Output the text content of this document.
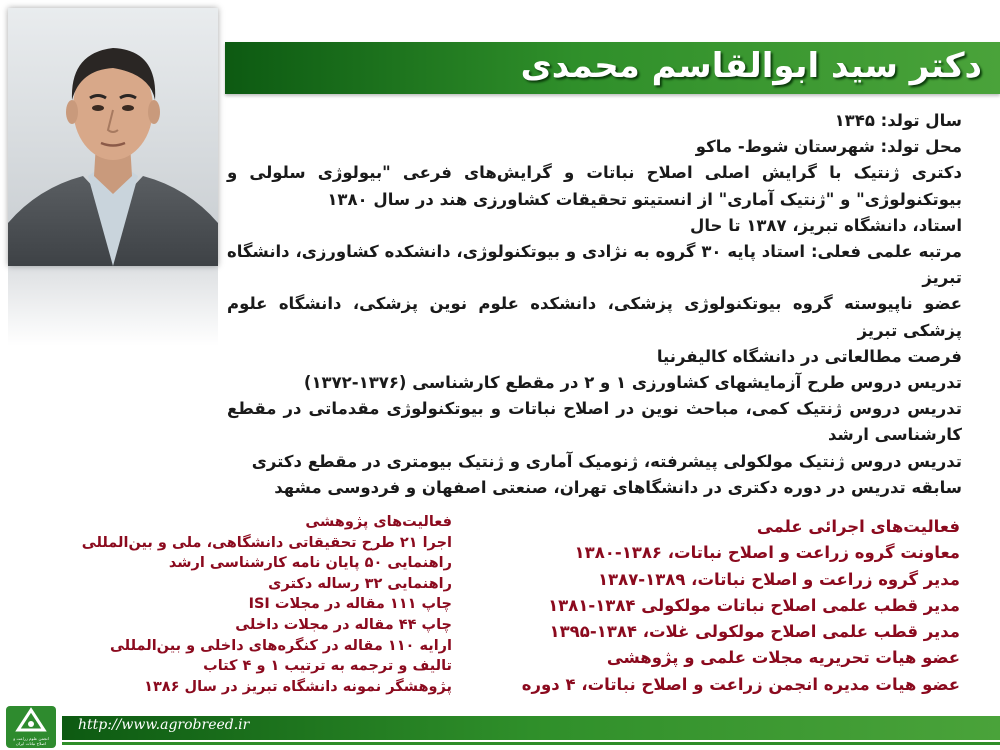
دکتر سید ابوالقاسم محمدی

سال تولد: ۱۳۴۵

محل تولد: شهرستان شوط- ماکو

دکتری ژنتیک با گرایش اصلی اصلاح نباتات و گرایش‌های فرعی "بیولوژی سلولی و بیوتکنولوژی" و "ژنتیک آماری" از انستیتو تحقیقات کشاورزی هند در سال ۱۳۸۰

استاد، دانشگاه تبریز، ۱۳۸۷ تا حال

مرتبه علمی فعلی: استاد پایه ۳۰ گروه به نژادی و بیوتکنولوژی، دانشکده کشاورزی، دانشگاه تبریز

عضو ناپیوسته گروه بیوتکنولوژی پزشکی، دانشکده علوم نوین پزشکی، دانشگاه علوم پزشکی تبریز

فرصت مطالعاتی در دانشگاه کالیفرنیا

تدریس دروس طرح آزمایشهای کشاورزی ۱ و ۲ در مقطع کارشناسی (۱۳۷۶-۱۳۷۲)

تدریس دروس ژنتیک کمی، مباحث نوین در اصلاح نباتات و بیوتکنولوژی مقدماتی در مقطع کارشناسی ارشد

تدریس دروس ژنتیک مولکولی پیشرفته، ژنومیک آماری و ژنتیک بیومتری در مقطع دکتری

سابقه تدریس در دوره دکتری در دانشگاهای تهران، صنعتی اصفهان و فردوسی مشهد

فعالیت‌های پژوهشی

اجرا ۲۱ طرح تحقیقاتی دانشگاهی، ملی و بین‌المللی

راهنمایی ۵۰ پایان نامه کارشناسی ارشد

راهنمایی ۳۲ رساله دکتری

چاپ ۱۱۱ مقاله در مجلات ISI

چاپ ۴۴ مقاله در مجلات داخلی

ارایه ۱۱۰ مقاله در کنگره‌های داخلی و بین‌المللی

تالیف و ترجمه به ترتیب ۱ و ۴ کتاب

پژوهشگر نمونه دانشگاه تبریز در سال ۱۳۸۶

فعالیت‌های اجرائی علمی

معاونت گروه زراعت و اصلاح نباتات، ۱۳۸۶-۱۳۸۰

مدیر گروه زراعت و اصلاح نباتات، ۱۳۸۹-۱۳۸۷

مدیر قطب علمی اصلاح نباتات مولکولی ۱۳۸۴-۱۳۸۱

مدیر قطب علمی اصلاح مولکولی غلات، ۱۳۸۴-۱۳۹۵

عضو هیات تحریریه مجلات علمی و پژوهشی

عضو هیات مدیره انجمن زراعت و اصلاح نباتات، ۴ دوره

http://www.agrobreed.ir
انجمن علوم زراعت و اصلاح نباتات ایران
